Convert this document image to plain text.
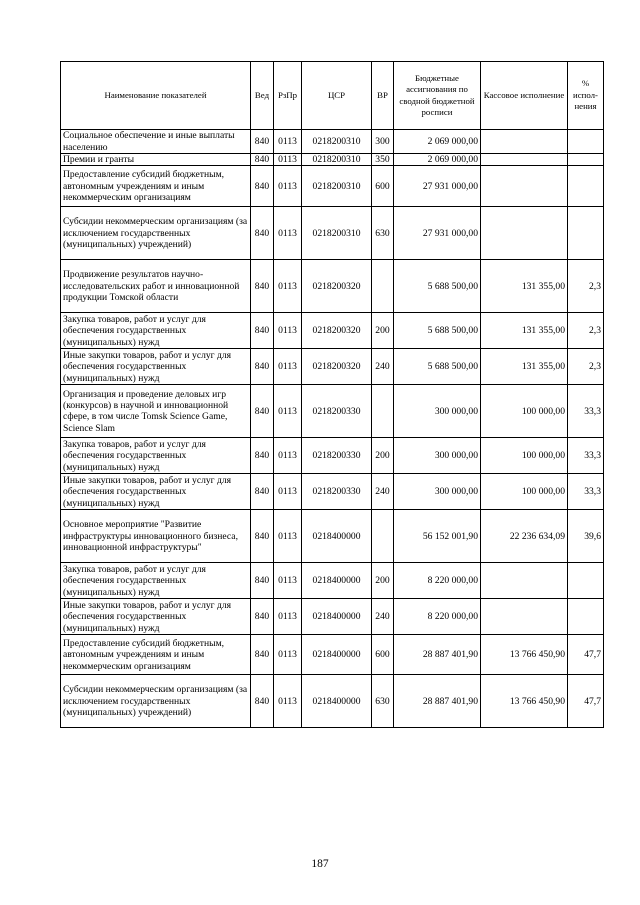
Наименование показателей	Вед	РзПр	ЦСР	ВР	Бюджетные ассигнования по сводной бюджетной росписи	Кассовое исполнение	% испол-нения
Социальное обеспечение и иные выплаты населению	840	0113	0218200310	300	2 069 000,00		
Премии и гранты	840	0113	0218200310	350	2 069 000,00		
Предоставление субсидий бюджетным, автономным учреждениям и иным некоммерческим организациям	840	0113	0218200310	600	27 931 000,00		
Субсидии некоммерческим организациям (за исключением государственных (муниципальных) учреждений)	840	0113	0218200310	630	27 931 000,00		
Продвижение результатов научно-исследовательских работ и инновационной продукции Томской области	840	0113	0218200320		5 688 500,00	131 355,00	2,3
Закупка товаров, работ и услуг для обеспечения государственных (муниципальных) нужд	840	0113	0218200320	200	5 688 500,00	131 355,00	2,3
Иные закупки товаров, работ и услуг для обеспечения государственных (муниципальных) нужд	840	0113	0218200320	240	5 688 500,00	131 355,00	2,3
Организация и проведение деловых игр (конкурсов) в научной и инновационной сфере, в том числе Tomsk Science Game, Science Slam	840	0113	0218200330		300 000,00	100 000,00	33,3
Закупка товаров, работ и услуг для обеспечения государственных (муниципальных) нужд	840	0113	0218200330	200	300 000,00	100 000,00	33,3
Иные закупки товаров, работ и услуг для обеспечения государственных (муниципальных) нужд	840	0113	0218200330	240	300 000,00	100 000,00	33,3
Основное мероприятие "Развитие инфраструктуры инновационного бизнеса, инновационной инфраструктуры"	840	0113	0218400000		56 152 001,90	22 236 634,09	39,6
Закупка товаров, работ и услуг для обеспечения государственных (муниципальных) нужд	840	0113	0218400000	200	8 220 000,00		
Иные закупки товаров, работ и услуг для обеспечения государственных (муниципальных) нужд	840	0113	0218400000	240	8 220 000,00		
Предоставление субсидий бюджетным, автономным учреждениям и иным некоммерческим организациям	840	0113	0218400000	600	28 887 401,90	13 766 450,90	47,7
Субсидии некоммерческим организациям (за исключением государственных (муниципальных) учреждений)	840	0113	0218400000	630	28 887 401,90	13 766 450,90	47,7
187
